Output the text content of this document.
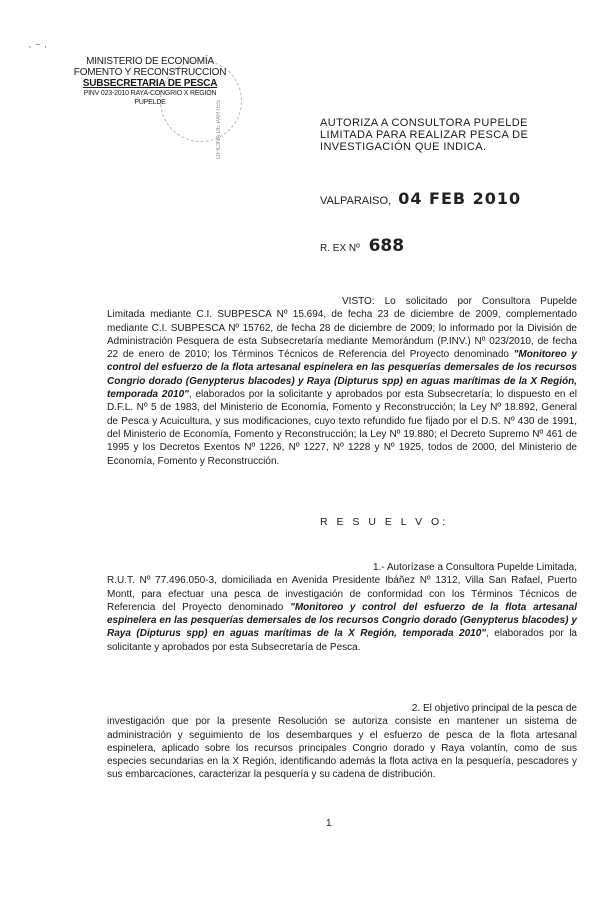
· ⁻ ·
OFICINA DE PARTES
MINISTERIO DE ECONOMÍA
FOMENTO Y RECONSTRUCCION
SUBSECRETARIA DE PESCA
PINV 023-2010 RAYA-CONGRIO X REGIÓN
PUPELDE
AUTORIZA A CONSULTORA PUPELDE LIMITADA PARA REALIZAR PESCA DE INVESTIGACIÓN QUE INDICA.
VALPARAISO, 04 FEB 2010
R. EX Nº 688
VISTO: Lo solicitado por Consultora Pupelde Limitada mediante C.I. SUBPESCA Nº 15.694, de fecha 23 de diciembre de 2009, complementado mediante C.I. SUBPESCA Nº 15762, de fecha 28 de diciembre de 2009; lo informado por la División de Administración Pesquera de esta Subsecretaría mediante Memorándum (P.INV.) Nº 023/2010, de fecha 22 de enero de 2010; los Términos Técnicos de Referencia del Proyecto denominado "Monitoreo y control del esfuerzo de la flota artesanal espinelera en las pesquerías demersales de los recursos Congrio dorado (Genypterus blacodes) y Raya (Dipturus spp) en aguas marítimas de la X Región, temporada 2010", elaborados por la solicitante y aprobados por esta Subsecretaría; lo dispuesto en el D.F.L. Nº 5 de 1983, del Ministerio de Economía, Fomento y Reconstrucción; la Ley Nº 18.892, General de Pesca y Acuicultura, y sus modificaciones, cuyo texto refundido fue fijado por el D.S. Nº 430 de 1991, del Ministerio de Economía, Fomento y Reconstrucción; la Ley Nº 19.880; el Decreto Supremo Nº 461 de 1995 y los Decretos Exentos Nº 1226, Nº 1227, Nº 1228 y Nº 1925, todos de 2000, del Ministerio de Economía, Fomento y Reconstrucción.
R E S U E L V O:
1.- Autorízase a Consultora Pupelde Limitada,
R.U.T. Nº 77.496.050-3, domiciliada en Avenida Presidente Ibáñez Nº 1312, Villa San Rafael, Puerto Montt, para efectuar una pesca de investigación de conformidad con los Términos Técnicos de Referencia del Proyecto denominado "Monitoreo y control del esfuerzo de la flota artesanal espinelera en las pesquerías demersales de los recursos Congrio dorado (Genypterus blacodes) y Raya (Dipturus spp) en aguas marítimas de la X Región, temporada 2010", elaborados por la solicitante y aprobados por esta Subsecretaría de Pesca.
2. El objetivo principal de la pesca de
investigación que por la presente Resolución se autoriza consiste en mantener un sistema de administración y seguimiento de los desembarques y el esfuerzo de pesca de la flota artesanal espinelera, aplicado sobre los recursos principales Congrio dorado y Raya volantín, como de sus especies secundarias en la X Región, identificando además la flota activa en la pesquería, pescadores y sus embarcaciones, caracterizar la pesquería y su cadena de distribución.
1
